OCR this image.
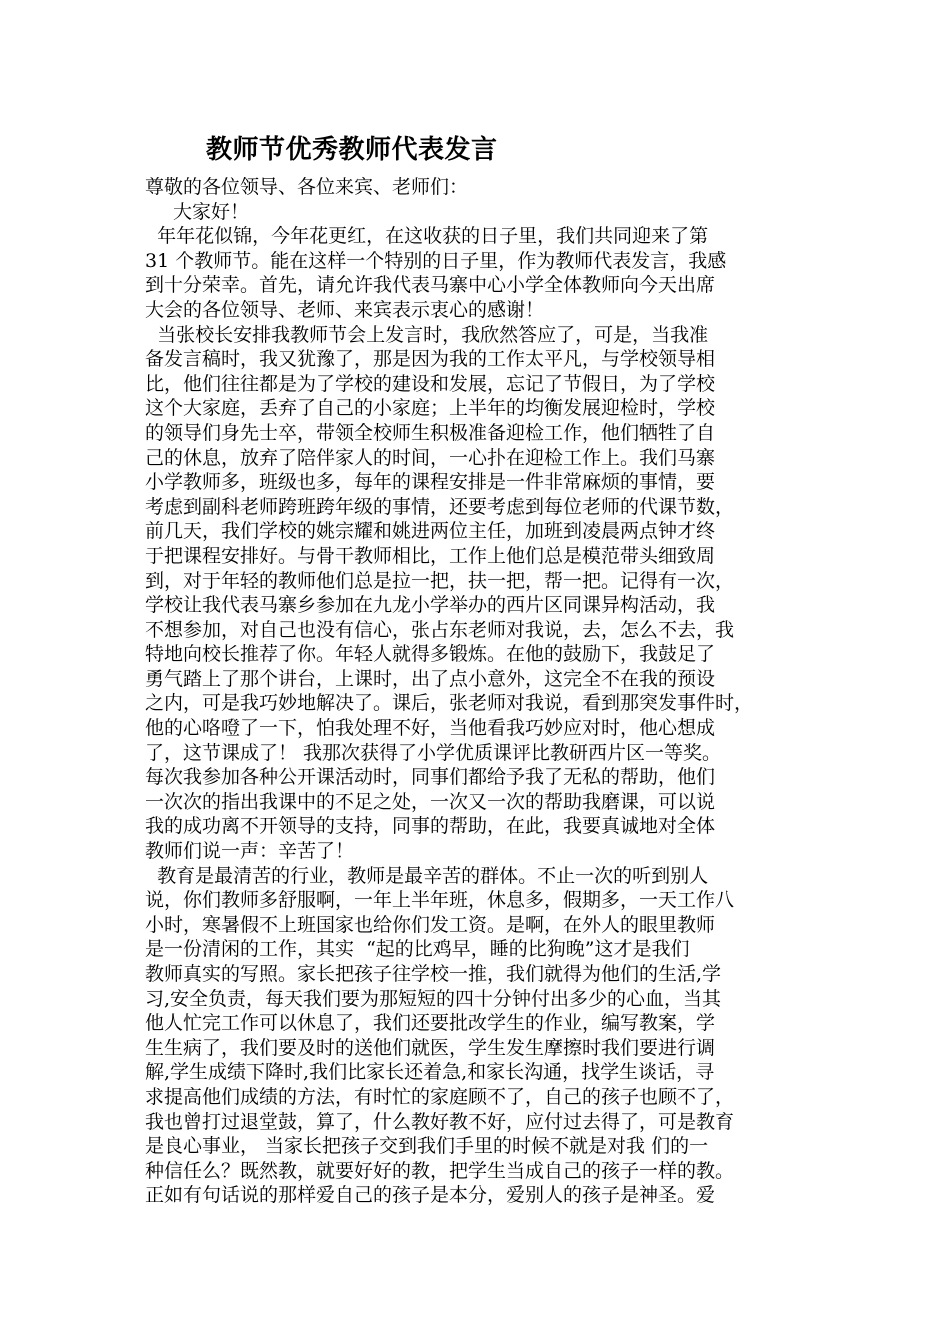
教师节优秀教师代表发言
尊敬的各位领导、各位来宾、老师们：
大家好！
年年花似锦，今年花更红，在这收获的日子里，我们共同迎来了第
31 个教师节。能在这样一个特别的日子里，作为教师代表发言，我感
到十分荣幸。首先，请允许我代表马寨中心小学全体教师向今天出席
大会的各位领导、老师、来宾表示衷心的感谢！
当张校长安排我教师节会上发言时，我欣然答应了，可是，当我准
备发言稿时，我又犹豫了，那是因为我的工作太平凡，与学校领导相
比，他们往往都是为了学校的建设和发展，忘记了节假日，为了学校
这个大家庭，丢弃了自己的小家庭；上半年的均衡发展迎检时，学校
的领导们身先士卒，带领全校师生积极准备迎检工作，他们牺牲了自
己的休息，放弃了陪伴家人的时间，一心扑在迎检工作上。我们马寨
小学教师多，班级也多，每年的课程安排是一件非常麻烦的事情，要
考虑到副科老师跨班跨年级的事情，还要考虑到每位老师的代课节数，
前几天，我们学校的姚宗耀和姚进两位主任，加班到凌晨两点钟才终
于把课程安排好。与骨干教师相比，工作上他们总是模范带头细致周
到，对于年轻的教师他们总是拉一把，扶一把，帮一把。记得有一次，
学校让我代表马寨乡参加在九龙小学举办的西片区同课异构活动，我
不想参加，对自己也没有信心，张占东老师对我说，去，怎么不去，我
特地向校长推荐了你。年轻人就得多锻炼。在他的鼓励下，我鼓足了
勇气踏上了那个讲台，上课时，出了点小意外，这完全不在我的预设
之内，可是我巧妙地解决了。课后，张老师对我说，看到那突发事件时，
他的心咯噔了一下，怕我处理不好，当他看我巧妙应对时，他心想成
了，这节课成了！ 我那次获得了小学优质课评比教研西片区一等奖。
每次我参加各种公开课活动时，同事们都给予我了无私的帮助，他们
一次次的指出我课中的不足之处，一次又一次的帮助我磨课，可以说
我的成功离不开领导的支持，同事的帮助，在此，我要真诚地对全体
教师们说一声：辛苦了！
教育是最清苦的行业，教师是最辛苦的群体。不止一次的听到别人
说，你们教师多舒服啊，一年上半年班，休息多，假期多，一天工作八
小时，寒暑假不上班国家也给你们发工资。是啊，在外人的眼里教师
是一份清闲的工作，其实  “起的比鸡早，睡的比狗晚”这才是我们
教师真实的写照。家长把孩子往学校一推，我们就得为他们的生活,学
习,安全负责，每天我们要为那短短的四十分钟付出多少的心血，当其
他人忙完工作可以休息了，我们还要批改学生的作业，编写教案，学
生生病了，我们要及时的送他们就医，学生发生摩擦时我们要进行调
解,学生成绩下降时,我们比家长还着急,和家长沟通，找学生谈话，寻
求提高他们成绩的方法，有时忙的家庭顾不了，自己的孩子也顾不了，
我也曾打过退堂鼓，算了，什么教好教不好，应付过去得了，可是教育
是良心事业， 当家长把孩子交到我们手里的时候不就是对我 们的一
种信任么？既然教，就要好好的教，把学生当成自己的孩子一样的教。
正如有句话说的那样爱自己的孩子是本分，爱别人的孩子是神圣。爱
